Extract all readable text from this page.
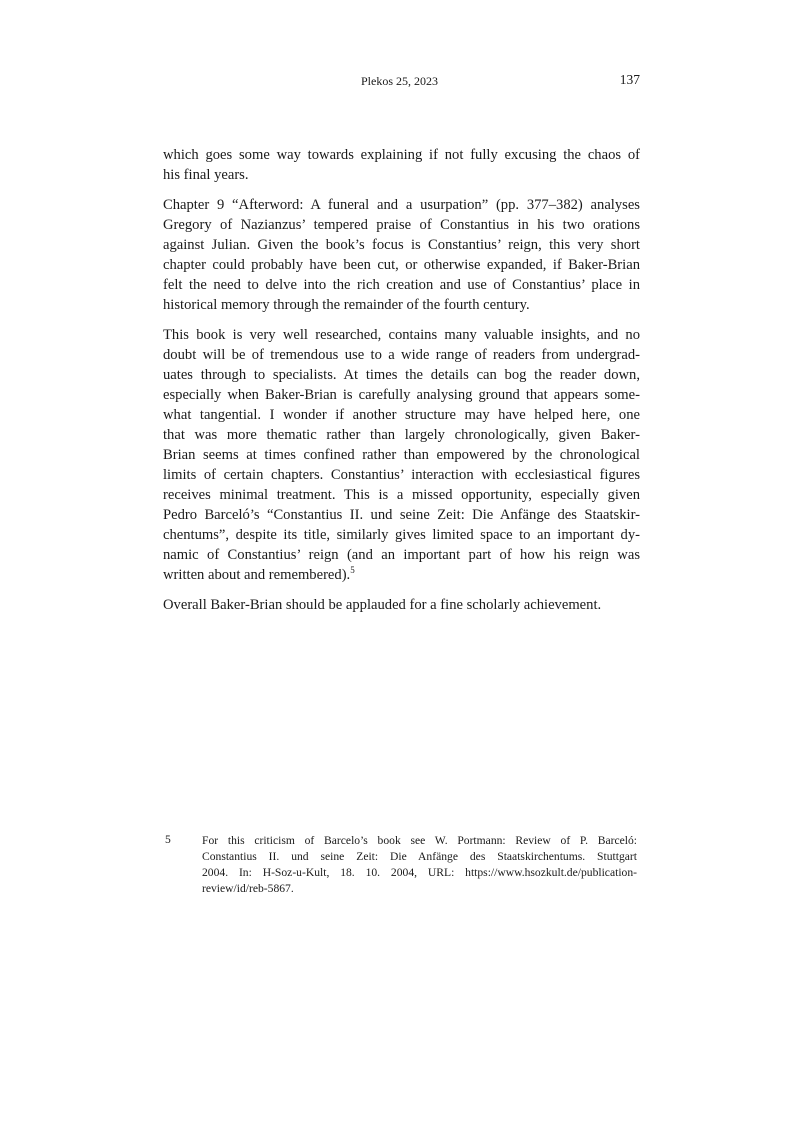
Plekos 25, 2023	137
which goes some way towards explaining if not fully excusing the chaos of
his final years.
Chapter 9 “Afterword: A funeral and a usurpation” (pp. 377–382) analyses
Gregory of Nazianzus’ tempered praise of Constantius in his two orations
against Julian. Given the book’s focus is Constantius’ reign, this very short
chapter could probably have been cut, or otherwise expanded, if Baker-Brian
felt the need to delve into the rich creation and use of Constantius’ place in
historical memory through the remainder of the fourth century.
This book is very well researched, contains many valuable insights, and no
doubt will be of tremendous use to a wide range of readers from undergrad-
uates through to specialists. At times the details can bog the reader down,
especially when Baker-Brian is carefully analysing ground that appears some-
what tangential. I wonder if another structure may have helped here, one
that was more thematic rather than largely chronologically, given Baker-
Brian seems at times confined rather than empowered by the chronological
limits of certain chapters. Constantius’ interaction with ecclesiastical figures
receives minimal treatment. This is a missed opportunity, especially given
Pedro Barceló’s “Constantius II. und seine Zeit: Die Anfänge des Staatskir-
chentums”, despite its title, similarly gives limited space to an important dy-
namic of Constantius’ reign (and an important part of how his reign was
written about and remembered).$^5$
Overall Baker-Brian should be applauded for a fine scholarly achievement.
5	For this criticism of Barcelo’s book see W. Portmann: Review of P. Barceló:
Constantius II. und seine Zeit: Die Anfänge des Staatskirchentums. Stuttgart
2004. In: H-Soz-u-Kult, 18. 10. 2004, URL: https://www.hsozkult.de/publication-
review/id/reb-5867.
